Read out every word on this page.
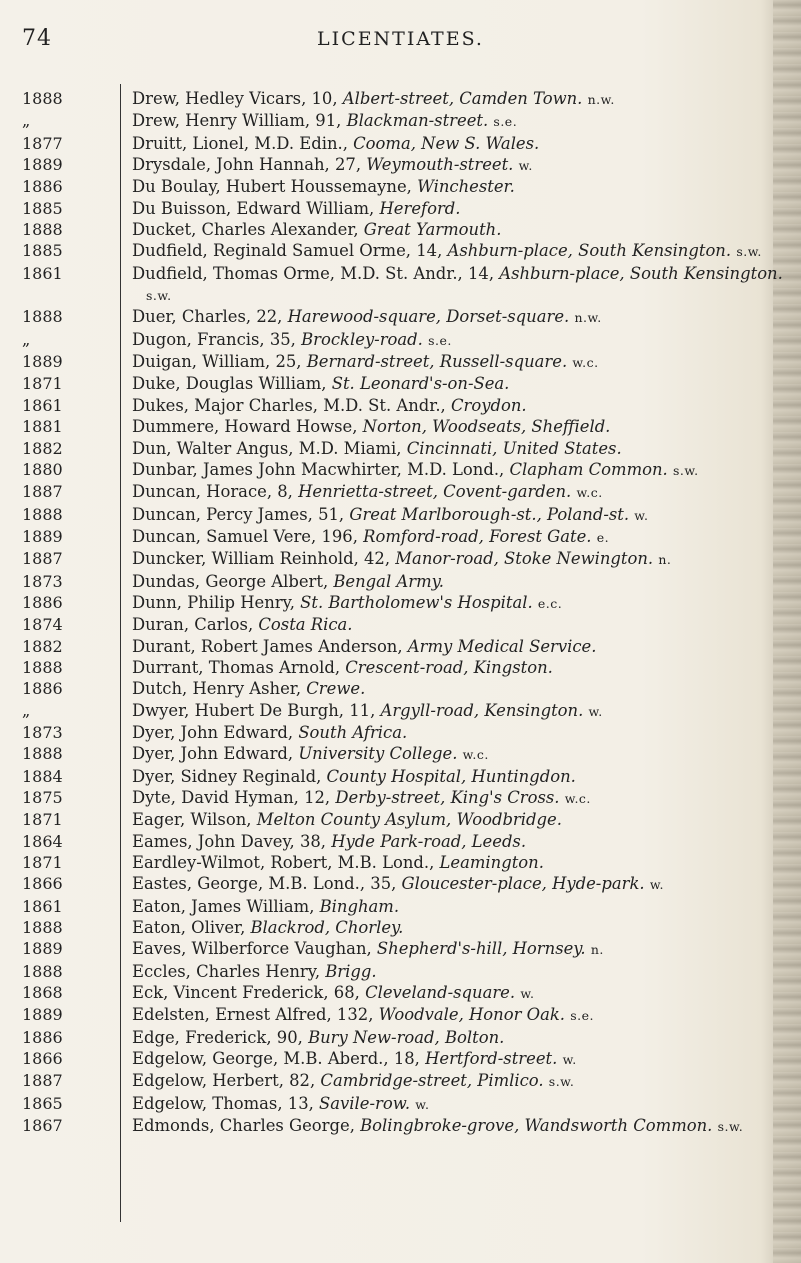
74	LICENTIATES.
1888	Drew, Hedley Vicars, 10, Albert-street, Camden Town. n.w.
„	Drew, Henry William, 91, Blackman-street. s.e.
1877	Druitt, Lionel, M.D. Edin., Cooma, New S. Wales.
1889	Drysdale, John Hannah, 27, Weymouth-street. w.
1886	Du Boulay, Hubert Houssemayne, Winchester.
1885	Du Buisson, Edward William, Hereford.
1888	Ducket, Charles Alexander, Great Yarmouth.
1885	Dudfield, Reginald Samuel Orme, 14, Ashburn-place, South Kensington. s.w.
1861	Dudfield, Thomas Orme, M.D. St. Andr., 14, Ashburn-place, South Kensington. s.w.
1888	Duer, Charles, 22, Harewood-square, Dorset-square. n.w.
„	Dugon, Francis, 35, Brockley-road. s.e.
1889	Duigan, William, 25, Bernard-street, Russell-square. w.c.
1871	Duke, Douglas William, St. Leonard's-on-Sea.
1861	Dukes, Major Charles, M.D. St. Andr., Croydon.
1881	Dummere, Howard Howse, Norton, Woodseats, Sheffield.
1882	Dun, Walter Angus, M.D. Miami, Cincinnati, United States.
1880	Dunbar, James John Macwhirter, M.D. Lond., Clapham Common. s.w.
1887	Duncan, Horace, 8, Henrietta-street, Covent-garden. w.c.
1888	Duncan, Percy James, 51, Great Marlborough-st., Poland-st. w.
1889	Duncan, Samuel Vere, 196, Romford-road, Forest Gate. e.
1887	Duncker, William Reinhold, 42, Manor-road, Stoke Newington. n.
1873	Dundas, George Albert, Bengal Army.
1886	Dunn, Philip Henry, St. Bartholomew's Hospital. e.c.
1874	Duran, Carlos, Costa Rica.
1882	Durant, Robert James Anderson, Army Medical Service.
1888	Durrant, Thomas Arnold, Crescent-road, Kingston.
1886	Dutch, Henry Asher, Crewe.
„	Dwyer, Hubert De Burgh, 11, Argyll-road, Kensington. w.
1873	Dyer, John Edward, South Africa.
1888	Dyer, John Edward, University College. w.c.
1884	Dyer, Sidney Reginald, County Hospital, Huntingdon.
1875	Dyte, David Hyman, 12, Derby-street, King's Cross. w.c.
1871	Eager, Wilson, Melton County Asylum, Woodbridge.
1864	Eames, John Davey, 38, Hyde Park-road, Leeds.
1871	Eardley-Wilmot, Robert, M.B. Lond., Leamington.
1866	Eastes, George, M.B. Lond., 35, Gloucester-place, Hyde-park. w.
1861	Eaton, James William, Bingham.
1888	Eaton, Oliver, Blackrod, Chorley.
1889	Eaves, Wilberforce Vaughan, Shepherd's-hill, Hornsey. n.
1888	Eccles, Charles Henry, Brigg.
1868	Eck, Vincent Frederick, 68, Cleveland-square. w.
1889	Edelsten, Ernest Alfred, 132, Woodvale, Honor Oak. s.e.
1886	Edge, Frederick, 90, Bury New-road, Bolton.
1866	Edgelow, George, M.B. Aberd., 18, Hertford-street. w.
1887	Edgelow, Herbert, 82, Cambridge-street, Pimlico. s.w.
1865	Edgelow, Thomas, 13, Savile-row. w.
1867	Edmonds, Charles George, Bolingbroke-grove, Wandsworth Common. s.w.
